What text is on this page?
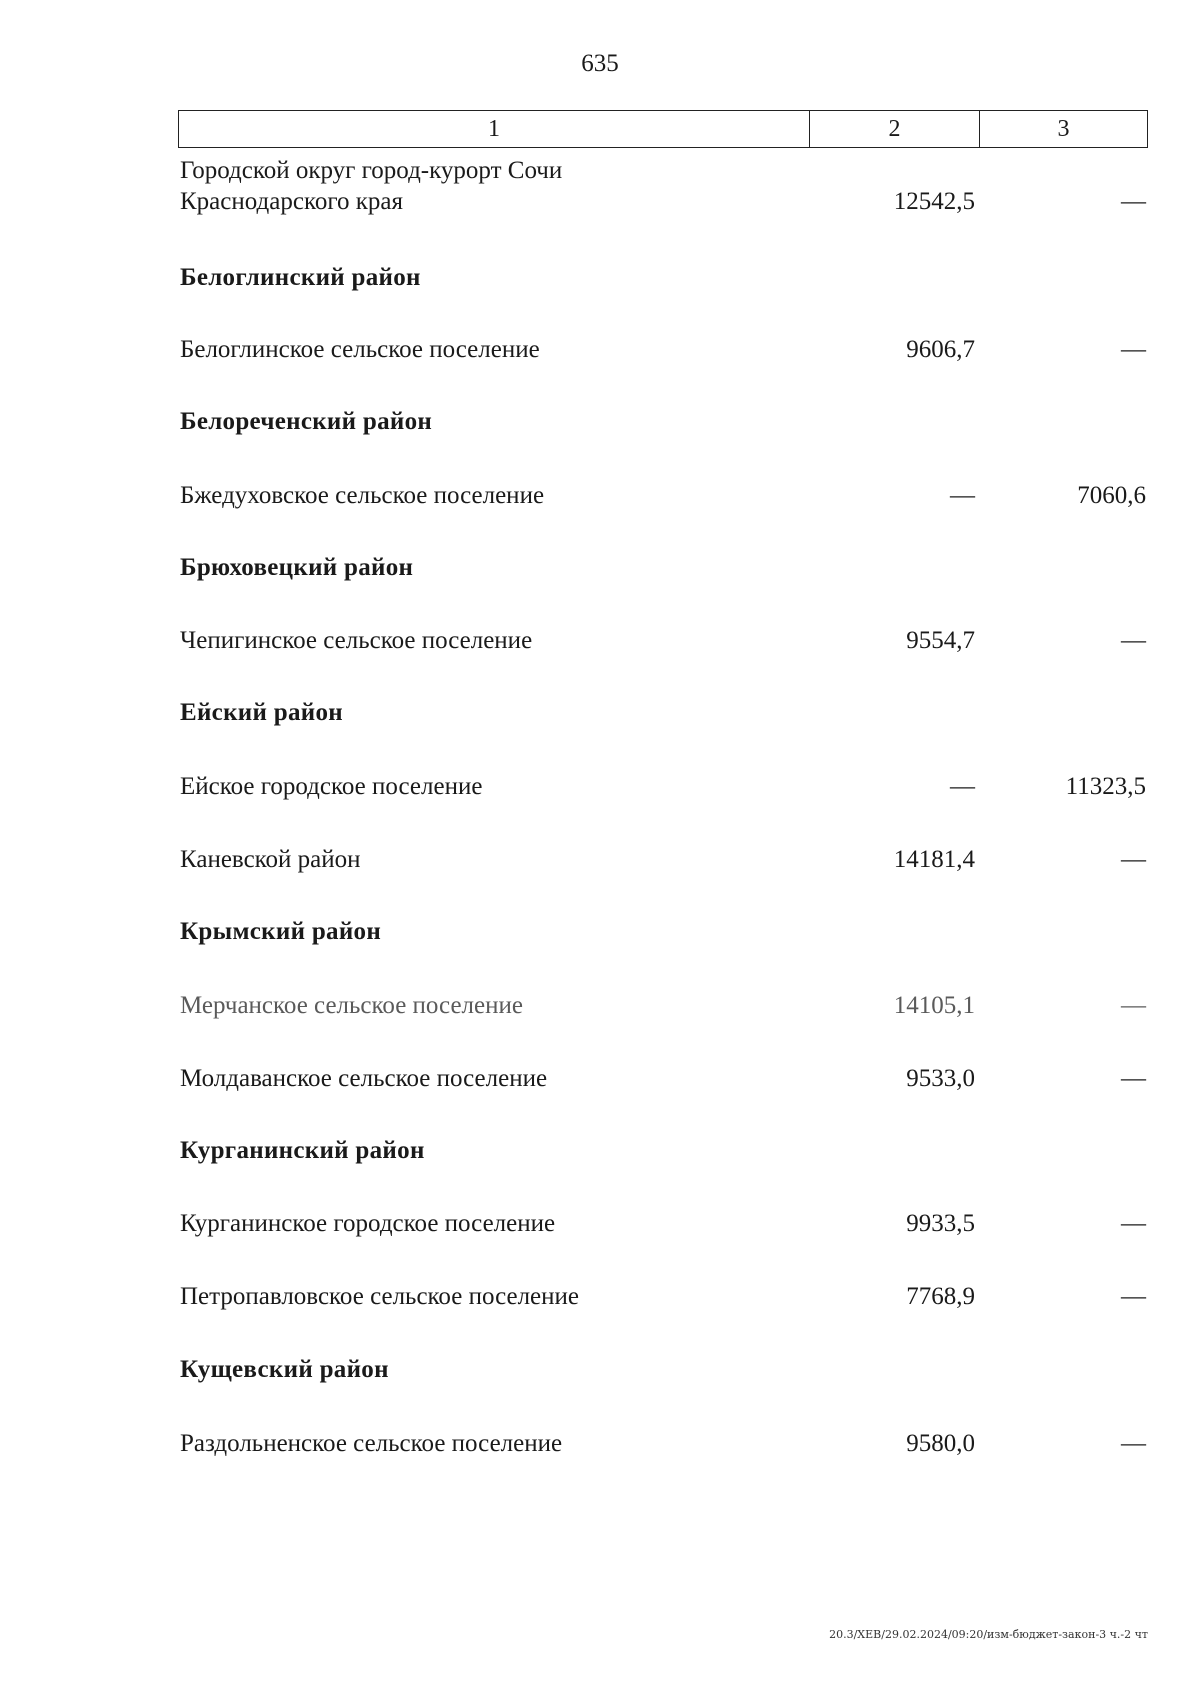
635
1	2	3
Городской округ город-курорт Сочи
Краснодарского края	12542,5	—
Белоглинский район
Белоглинское сельское поселение	9606,7	—
Белореченский район
Бжедуховское сельское поселение	—	7060,6
Брюховецкий район
Чепигинское сельское поселение	9554,7	—
Ейский район
Ейское городское поселение	—	11323,5
Каневской район	14181,4	—
Крымский район
Мерчанское сельское поселение	14105,1	—
Молдаванское сельское поселение	9533,0	—
Курганинский район
Курганинское городское поселение	9933,5	—
Петропавловское сельское поселение	7768,9	—
Кущевский район
Раздольненское сельское поселение	9580,0	—
20.3/XEB/29.02.2024/09:20/изм-бюджет-закон-3 ч.-2 чт
